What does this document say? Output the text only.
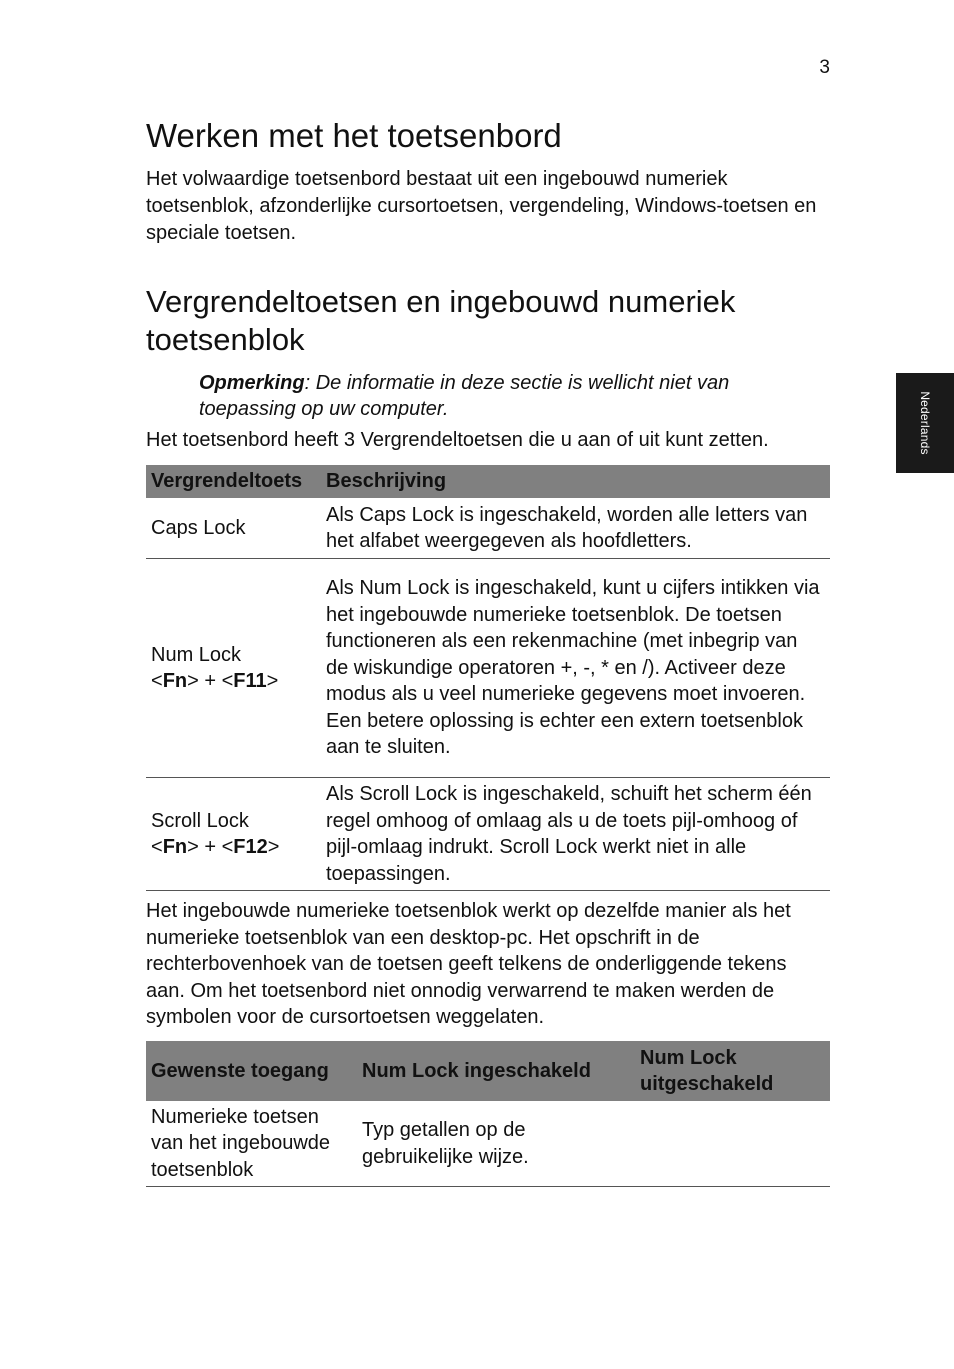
3
Nederlands
Werken met het toetsenbord

Het volwaardige toetsenbord bestaat uit een ingebouwd numeriek toetsenblok, afzonderlijke cursortoetsen, vergendeling, Windows-toetsen en speciale toetsen.

Vergrendeltoetsen en ingebouwd numeriek toetsenblok

Opmerking: De informatie in deze sectie is wellicht niet van toepassing op uw computer.

Het toetsenbord heeft 3 Vergrendeltoetsen die u aan of uit kunt zetten.

Vergrendeltoets	Beschrijving
Caps Lock	Als Caps Lock is ingeschakeld, worden alle letters van het alfabet weergegeven als hoofdletters.
Num Lock
<Fn> + <F11>	Als Num Lock is ingeschakeld, kunt u cijfers intikken via het ingebouwde numerieke toetsenblok. De toetsen functioneren als een rekenmachine (met inbegrip van de wiskundige operatoren +, -, * en /). Activeer deze modus als u veel numerieke gegevens moet invoeren. Een betere oplossing is echter een extern toetsenblok aan te sluiten.
Scroll Lock
<Fn> + <F12>	Als Scroll Lock is ingeschakeld, schuift het scherm één regel omhoog of omlaag als u de toets pijl-omhoog of pijl-omlaag indrukt. Scroll Lock werkt niet in alle toepassingen.

Het ingebouwde numerieke toetsenblok werkt op dezelfde manier als het numerieke toetsenblok van een desktop-pc. Het opschrift in de rechterbovenhoek van de toetsen geeft telkens de onderliggende tekens aan. Om het toetsenbord niet onnodig verwarrend te maken werden de symbolen voor de cursortoetsen weggelaten.

Gewenste toegang	Num Lock ingeschakeld	Num Lock uitgeschakeld
Numerieke toetsen van het ingebouwde toetsenblok	Typ getallen op de gebruikelijke wijze.	
